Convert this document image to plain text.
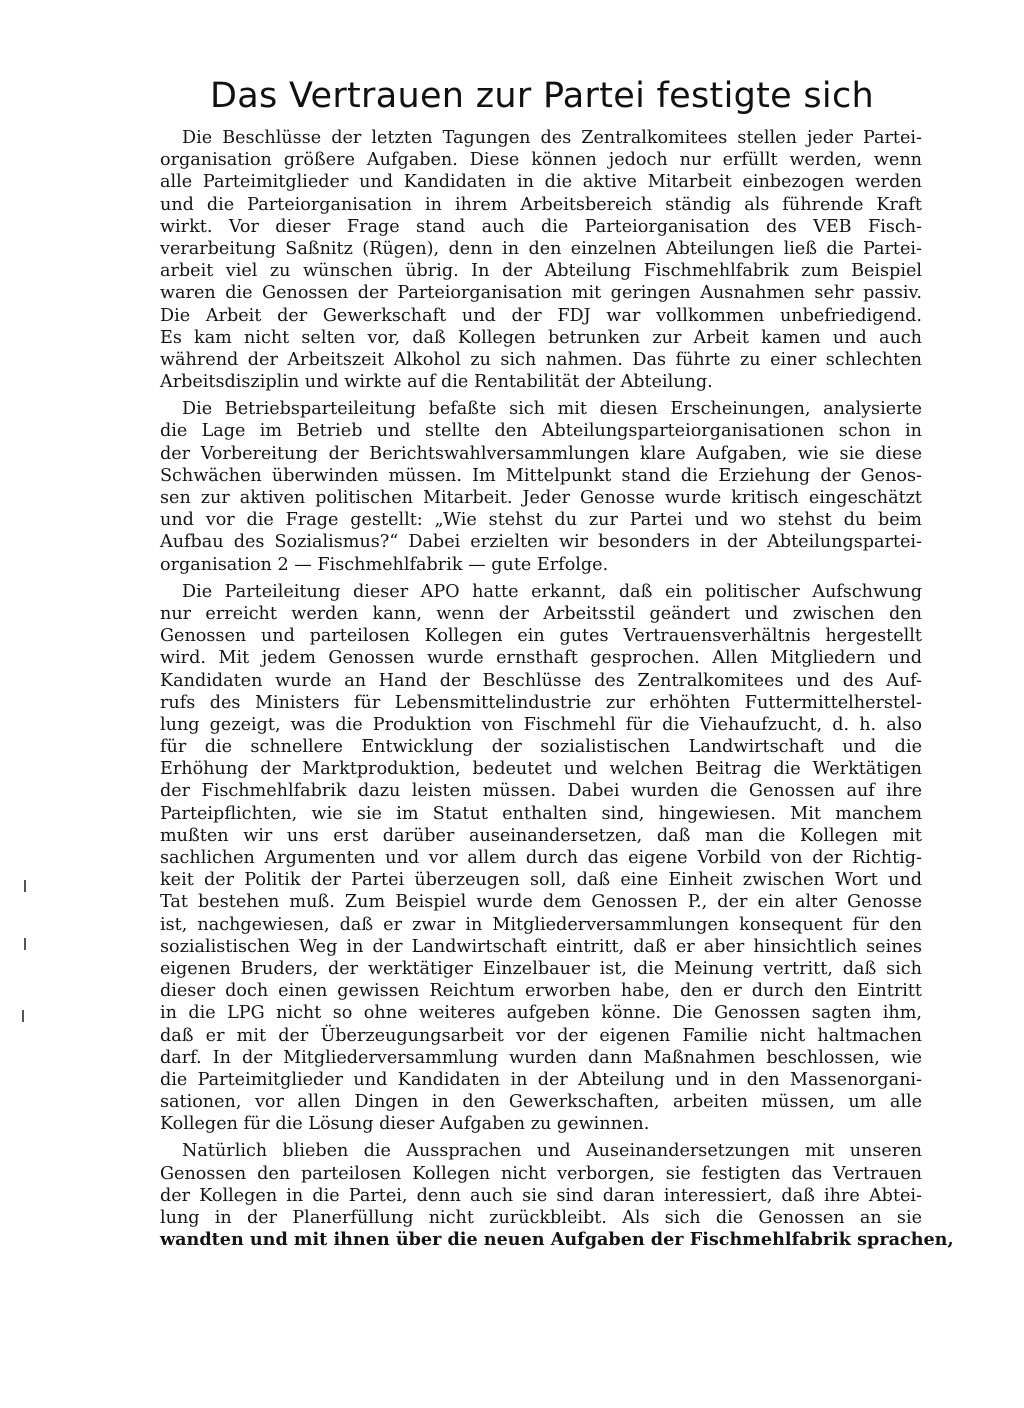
Das Vertrauen zur Partei festigte sich
Die Beschlüsse der letzten Tagungen des Zentralkomitees stellen jeder Partei-
organisation größere Aufgaben. Diese können jedoch nur erfüllt werden, wenn
alle Parteimitglieder und Kandidaten in die aktive Mitarbeit einbezogen werden
und die Parteiorganisation in ihrem Arbeitsbereich ständig als führende Kraft
wirkt. Vor dieser Frage stand auch die Parteiorganisation des VEB Fisch-
verarbeitung Saßnitz (Rügen), denn in den einzelnen Abteilungen ließ die Partei-
arbeit viel zu wünschen übrig. In der Abteilung Fischmehlfabrik zum Beispiel
waren die Genossen der Parteiorganisation mit geringen Ausnahmen sehr passiv.
Die Arbeit der Gewerkschaft und der FDJ war vollkommen unbefriedigend.
Es kam nicht selten vor, daß Kollegen betrunken zur Arbeit kamen und auch
während der Arbeitszeit Alkohol zu sich nahmen. Das führte zu einer schlechten
Arbeitsdisziplin und wirkte auf die Rentabilität der Abteilung.
Die Betriebsparteileitung befaßte sich mit diesen Erscheinungen, analysierte
die Lage im Betrieb und stellte den Abteilungsparteiorganisationen schon in
der Vorbereitung der Berichtswahlversammlungen klare Aufgaben, wie sie diese
Schwächen überwinden müssen. Im Mittelpunkt stand die Erziehung der Genos-
sen zur aktiven politischen Mitarbeit. Jeder Genosse wurde kritisch eingeschätzt
und vor die Frage gestellt: „Wie stehst du zur Partei und wo stehst du beim
Aufbau des Sozialismus?“ Dabei erzielten wir besonders in der Abteilungspartei-
organisation 2 — Fischmehlfabrik — gute Erfolge.
Die Parteileitung dieser APO hatte erkannt, daß ein politischer Aufschwung
nur erreicht werden kann, wenn der Arbeitsstil geändert und zwischen den
Genossen und parteilosen Kollegen ein gutes Vertrauensverhältnis hergestellt
wird. Mit jedem Genossen wurde ernsthaft gesprochen. Allen Mitgliedern und
Kandidaten wurde an Hand der Beschlüsse des Zentralkomitees und des Auf-
rufs des Ministers für Lebensmittelindustrie zur erhöhten Futtermittelherstel-
lung gezeigt, was die Produktion von Fischmehl für die Viehaufzucht, d. h. also
für die schnellere Entwicklung der sozialistischen Landwirtschaft und die
Erhöhung der Marktproduktion, bedeutet und welchen Beitrag die Werktätigen
der Fischmehlfabrik dazu leisten müssen. Dabei wurden die Genossen auf ihre
Parteipflichten, wie sie im Statut enthalten sind, hingewiesen. Mit manchem
mußten wir uns erst darüber auseinandersetzen, daß man die Kollegen mit
sachlichen Argumenten und vor allem durch das eigene Vorbild von der Richtig-
keit der Politik der Partei überzeugen soll, daß eine Einheit zwischen Wort und
Tat bestehen muß. Zum Beispiel wurde dem Genossen P., der ein alter Genosse
ist, nachgewiesen, daß er zwar in Mitgliederversammlungen konsequent für den
sozialistischen Weg in der Landwirtschaft eintritt, daß er aber hinsichtlich seines
eigenen Bruders, der werktätiger Einzelbauer ist, die Meinung vertritt, daß sich
dieser doch einen gewissen Reichtum erworben habe, den er durch den Eintritt
in die LPG nicht so ohne weiteres aufgeben könne. Die Genossen sagten ihm,
daß er mit der Überzeugungsarbeit vor der eigenen Familie nicht haltmachen
darf. In der Mitgliederversammlung wurden dann Maßnahmen beschlossen, wie
die Parteimitglieder und Kandidaten in der Abteilung und in den Massenorgani-
sationen, vor allen Dingen in den Gewerkschaften, arbeiten müssen, um alle
Kollegen für die Lösung dieser Aufgaben zu gewinnen.
Natürlich blieben die Aussprachen und Auseinandersetzungen mit unseren
Genossen den parteilosen Kollegen nicht verborgen, sie festigten das Vertrauen
der Kollegen in die Partei, denn auch sie sind daran interessiert, daß ihre Abtei-
lung in der Planerfüllung nicht zurückbleibt. Als sich die Genossen an sie
wandten und mit ihnen über die neuen Aufgaben der Fischmehlfabrik sprachen,
